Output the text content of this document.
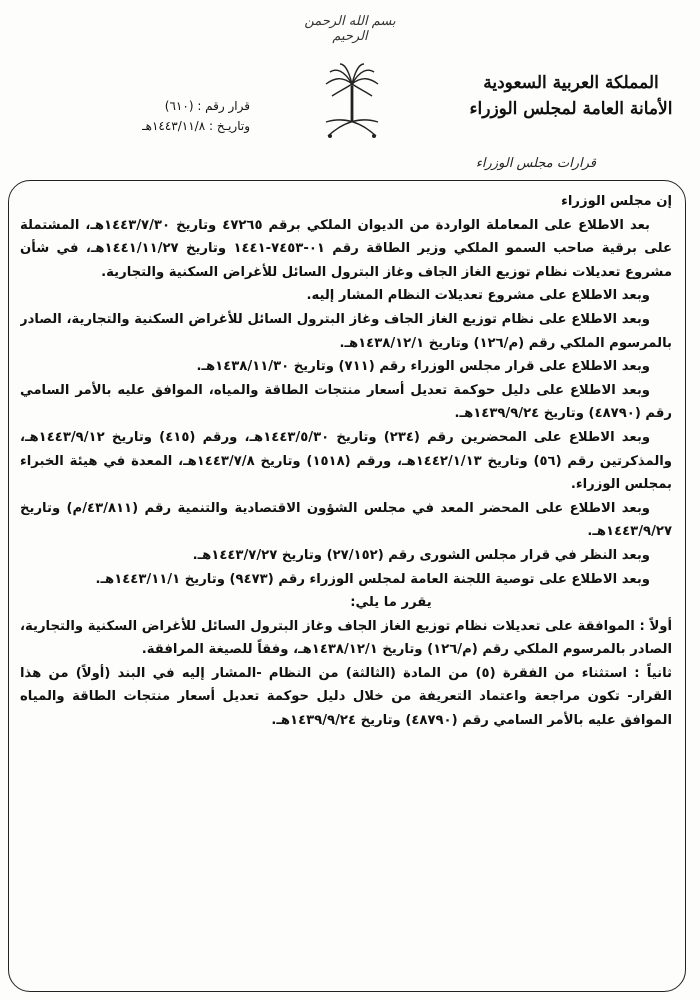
بسم الله الرحمن الرحيم
المملكة العربية السعودية
الأمانة العامة لمجلس الوزراء
قرار رقم : (٦١٠)
وتاريـخ : ١٤٤٣/١١/٨هـ
قرارات مجلس الوزراء

إن مجلس الوزراء

بعد الاطلاع على المعاملة الواردة من الديوان الملكي برقم ٤٧٢٦٥ وتاريخ ١٤٤٣/٧/٣٠هـ، المشتملة على برقية صاحب السمو الملكي وزير الطاقة رقم ٠١-٧٤٥٣-١٤٤١ وتاريخ ١٤٤١/١١/٢٧هـ، في شأن مشروع تعديلات نظام توزيع الغاز الجاف وغاز البترول السائل للأغراض السكنية والتجارية.

وبعد الاطلاع على مشروع تعديلات النظام المشار إليه.

وبعد الاطلاع على نظام توزيع الغاز الجاف وغاز البترول السائل للأغراض السكنية والتجارية، الصادر بالمرسوم الملكي رقم (م/١٢٦) وتاريخ ١٤٣٨/١٢/١هـ.

وبعد الاطلاع على قرار مجلس الوزراء رقم (٧١١) وتاريخ ١٤٣٨/١١/٣٠هـ.

وبعد الاطلاع على دليل حوكمة تعديل أسعار منتجات الطاقة والمياه، الموافق عليه بالأمر السامي رقم (٤٨٧٩٠) وتاريخ ١٤٣٩/٩/٢٤هـ.

وبعد الاطلاع على المحضرين رقم (٢٣٤) وتاريخ ١٤٤٣/٥/٣٠هـ، ورقم (٤١٥) وتاريخ ١٤٤٣/٩/١٢هـ، والمذكرتين رقم (٥٦) وتاريخ ١٤٤٢/١/١٣هـ، ورقم (١٥١٨) وتاريخ ١٤٤٣/٧/٨هـ، المعدة في هيئة الخبراء بمجلس الوزراء.

وبعد الاطلاع على المحضر المعد في مجلس الشؤون الاقتصادية والتنمية رقم (٤٣/٨١١/م) وتاريخ ١٤٤٣/٩/٢٧هـ.

وبعد النظر في قرار مجلس الشورى رقم (٢٧/١٥٢) وتاريخ ١٤٤٣/٧/٢٧هـ.

وبعد الاطلاع على توصية اللجنة العامة لمجلس الوزراء رقم (٩٤٧٣) وتاريخ ١٤٤٣/١١/١هـ.

يقرر ما يلي:

أولاً : الموافقة على تعديلات نظام توزيع الغاز الجاف وغاز البترول السائل للأغراض السكنية والتجارية، الصادر بالمرسوم الملكي رقم (م/١٢٦) وتاريخ ١٤٣٨/١٢/١هـ، وفقاً للصيغة المرافقة.

ثانياً : استثناء من الفقرة (٥) من المادة (الثالثة) من النظام -المشار إليه في البند (أولاً) من هذا القرار- تكون مراجعة واعتماد التعريفة من خلال دليل حوكمة تعديل أسعار منتجات الطاقة والمياه الموافق عليه بالأمر السامي رقم (٤٨٧٩٠) وتاريخ ١٤٣٩/٩/٢٤هـ.
